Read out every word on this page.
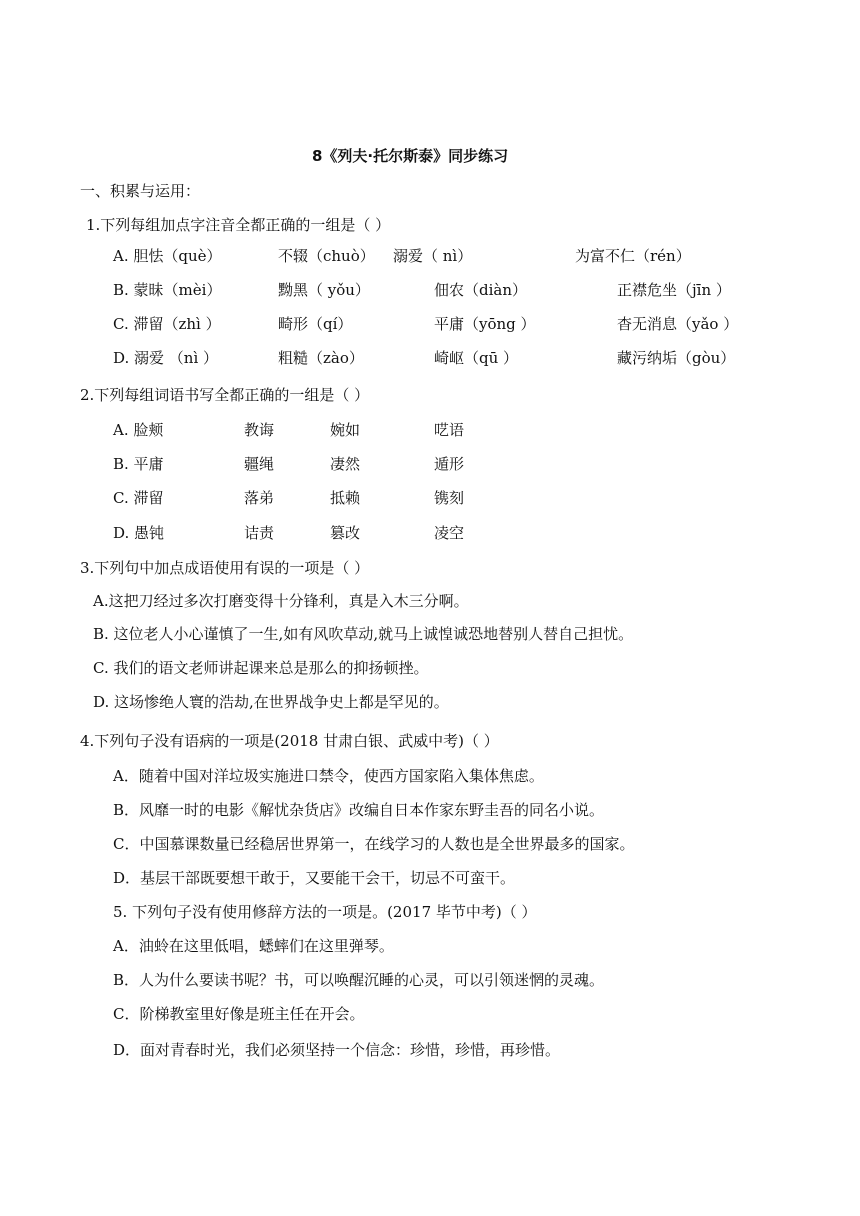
8《列夫·托尔斯泰》同步练习
一、积累与运用：
1.下列每组加点字注音全都正确的一组是（ ）
A. 胆怯（què）	不辍（chuò） 溺爱（ nì）	为富不仁（rén）
B. 蒙昧（mèi）	黝黑（ yǒu）	佃农（diàn）	正襟危坐（jīn ）
C. 滞留（zhì ）	畸形（qí）	平庸（yōng ）	杳无消息（yǎo ）
D. 溺爱 （nì ）	粗糙（zào）	崎岖（qū ）	藏污纳垢（gòu）
2.下列每组词语书写全都正确的一组是（ ）
A. 脸颊	教诲	婉如	呓语
B. 平庸	疆绳	凄然	遁形
C. 滞留	落弟	抵赖	镌刻
D. 愚钝	诘责	篡改	凌空
3.下列句中加点成语使用有误的一项是（ ）
A.这把刀经过多次打磨变得十分锋利，真是入木三分啊。
B. 这位老人小心谨慎了一生,如有风吹草动,就马上诚惶诚恐地替别人替自己担忧。
C. 我们的语文老师讲起课来总是那么的抑扬顿挫。
D. 这场惨绝人寰的浩劫,在世界战争史上都是罕见的。
4.下列句子没有语病的一项是(2018 甘肃白银、武威中考)（ ）
A．随着中国对洋垃圾实施进口禁令，使西方国家陷入集体焦虑。
B．风靡一时的电影《解忧杂货店》改编自日本作家东野圭吾的同名小说。
C．中国慕课数量已经稳居世界第一，在线学习的人数也是全世界最多的国家。
D．基层干部既要想干敢于，又要能干会干，切忌不可蛮干。
5. 下列句子没有使用修辞方法的一项是。(2017 毕节中考)（ ）
A．油蛉在这里低唱，蟋蟀们在这里弹琴。
B．人为什么要读书呢？书，可以唤醒沉睡的心灵，可以引领迷惘的灵魂。
C．阶梯教室里好像是班主任在开会。
D．面对青春时光，我们必须坚持一个信念：珍惜，珍惜，再珍惜。
